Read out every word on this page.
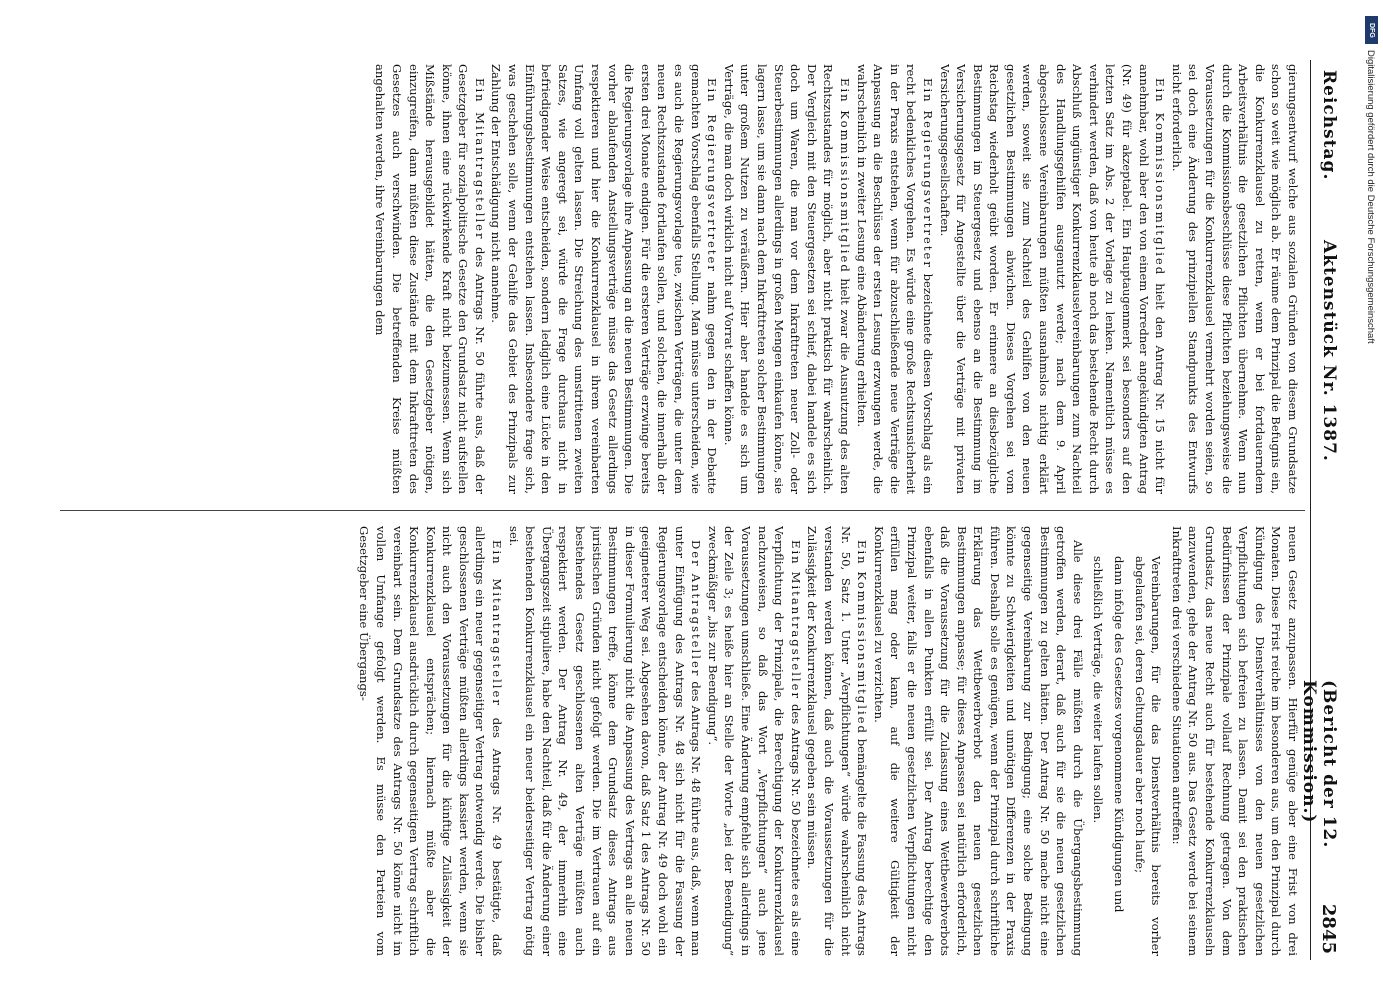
Reichstag.
Aktenstück Nr. 1387.
(Bericht der 12. Kommission.)
2845

gierungsentwurf welche aus sozialen Gründen von diesem Grundsatze schon so weit wie möglich ab. Er räume dem Prinzipal die Befugnis ein, die Konkurrenzklausel zu retten, wenn er bei fortdauerndem Arbeitsverhältnis die gesetzlichen Pflichten übernehme. Wenn nun durch die Kommissionsbeschlüsse diese Pflichten beziehungsweise die Voraussetzungen für die Konkurrenzklausel vermehrt worden seien, so sei doch eine Änderung des prinzipiellen Standpunkts des Entwurfs nicht erforderlich.

Ein Kommissionsmitglied hielt den Antrag Nr. 15 nicht für annehmbar, wohl aber den von einem Vorredner angekündigten Antrag (Nr. 49) für akzeptabel. Ein Hauptaugenmerk sei besonders auf den letzten Satz im Abs. 2 der Vorlage zu lenken. Namentlich müsse es verhindert werden, daß von heute ab noch das bestehende Recht durch Abschluß ungünstiger Konkurrenzklauselvereinbarungen zum Nachteil des Handlungsgehilfen ausgenutzt werde; nach dem 9. April abgeschlossene Vereinbarungen müßten ausnahmslos nichtig erklärt werden, soweit sie zum Nachteil des Gehilfen von den neuen gesetzlichen Bestimmungen abwichen. Dieses Vorgehen sei vom Reichstag wiederholt geübt worden. Er erinnere an diesbezügliche Bestimmungen im Steuergesetz und ebenso an die Bestimmung im Versicherungsgesetz für Angestellte über die Verträge mit privaten Versicherungsgesellschaften.

Ein Regierungsvertreter bezeichnete diesen Vorschlag als ein recht bedenkliches Vorgehen. Es würde eine große Rechtsunsicherheit in der Praxis entstehen, wenn für abzuschließende neue Verträge die Anpassung an die Beschlüsse der ersten Lesung erzwungen werde, die wahrscheinlich in zweiter Lesung eine Abänderung erhielten.

Ein Kommissionsmitglied hielt zwar die Ausnutzung des alten Rechtszustandes für möglich, aber nicht praktisch für wahrscheinlich. Der Vergleich mit den Steuergesetzen sei schief, dabei handele es sich doch um Waren, die man vor dem Inkrafttreten neuer Zoll- oder Steuerbestimmungen allerdings in großen Mengen einkaufen könne, sie lagern lasse, um sie dann nach dem Inkrafttreten solcher Bestimmungen unter großem Nutzen zu veräußern. Hier aber handele es sich um Verträge, die man doch wirklich nicht auf Vorrat schaffen könne.

Ein Regierungsvertreter nahm gegen den in der Debatte gemachten Vorschlag ebenfalls Stellung. Man müsse unterscheiden, wie es auch die Regierungsvorlage tue, zwischen Verträgen, die unter dem neuen Rechtszustande fortlaufen sollen, und solchen, die innerhalb der ersten drei Monate endigen. Für die ersteren Verträge erzwinge bereits die Regierungsvorlage ihre Anpassung an die neuen Bestimmungen. Die vorher ablaufenden Anstellungsverträge müsse das Gesetz allerdings respektieren und hier die Konkurrenzklausel in ihrem vereinbarten Umfang voll gelten lassen. Die Streichung des umstrittenen zweiten Satzes, wie angeregt sei, würde die Frage durchaus nicht in befriedigender Weise entscheiden, sondern lediglich eine Lücke in den Einführungsbestimmungen entstehen lassen. Insbesondere frage sich, was geschehen solle, wenn der Gehilfe das Gebiet des Prinzipals zur Zahlung der Entschädigung nicht annehme.

Ein Mitantragsteller des Antrags Nr. 50 führte aus, daß der Gesetzgeber für sozialpolitische Gesetze den Grundsatz nicht aufstellen könne, ihnen eine rückwirkende Kraft nicht beizumessen. Wenn sich Mißstände herausgebildet hätten, die den Gesetzgeber nötigen, einzugreifen, dann müßten diese Zustände mit dem Inkrafttreten des Gesetzes auch verschwinden. Die betreffenden Kreise müßten angehalten werden, ihre Vereinbarungen dem

neuen Gesetz anzupassen. Hierfür genüge aber eine Frist von drei Monaten. Diese Frist reiche im besonderen aus, um den Prinzipal durch Kündigung des Dienstverhältnisses von den neuen gesetzlichen Verpflichtungen sich befreien zu lassen. Damit sei den praktischen Bedürfnissen der Prinzipale vollauf Rechnung getragen. Von dem Grundsatz, das neue Recht auch für bestehende Konkurrenzklauseln anzuwenden, gehe der Antrag Nr. 50 aus. Das Gesetz werde bei seinem Inkrafttreten drei verschiedene Situationen antreffen:

Vereinbarungen, für die das Dienstverhältnis bereits vorher abgelaufen sei, deren Geltungsdauer aber noch laufe;

dann infolge des Gesetzes vorgenommene Kündigungen und

schließlich Verträge, die weiter laufen sollen.

Alle diese drei Fälle müßten durch die Übergangsbestimmung getroffen werden, derart, daß auch für sie die neuen gesetzlichen Bestimmungen zu gelten hätten. Der Antrag Nr. 50 mache nicht eine gegenseitige Vereinbarung zur Bedingung; eine solche Bedingung könnte zu Schwierigkeiten und unnötigen Differenzen in der Praxis führen. Deshalb solle es genügen, wenn der Prinzipal durch schriftliche Erklärung das Wettbewerbverbot den neuen gesetzlichen Bestimmungen anpasse; für dieses Anpassen sei natürlich erforderlich, daß die Voraussetzung für die Zulassung eines Wettbewerbverbots ebenfalls in allen Punkten erfüllt sei. Der Antrag berechtige den Prinzipal weiter, falls er die neuen gesetzlichen Verpflichtungen nicht erfüllen mag oder kann, auf die weitere Gültigkeit der Konkurrenzklausel zu verzichten.

Ein Kommissionsmitglied bemängelte die Fassung des Antrags Nr. 50, Satz 1. Unter „Verpflichtungen“ würde wahrscheinlich nicht verstanden werden können, daß auch die Voraussetzungen für die Zulässigkeit der Konkurrenzklausel gegeben sein müssen.

Ein Mitantragsteller des Antrags Nr. 50 bezeichnete es als eine Verpflichtung der Prinzipale, die Berechtigung der Konkurrenzklausel nachzuweisen, so daß das Wort „Verpflichtungen“ auch jene Voraussetzungen umschließe. Eine Änderung empfehle sich allerdings in der Zeile 3; es heiße hier an Stelle der Worte „bei der Beendigung“ zweckmäßiger „bis zur Beendigung“.

Der Antragsteller des Antrags Nr. 48 führte aus, daß, wenn man unter Einfügung des Antrags Nr. 48 sich nicht für die Fassung der Regierungsvorlage entscheiden könne, der Antrag Nr. 49 doch wohl ein geeigneterer Weg sei. Abgesehen davon, daß Satz 1 des Antrags Nr. 50 in dieser Formulierung nicht die Anpassung des Vertrags an alle neuen Bestimmungen treffe, könne dem Grundsatz dieses Antrags aus juristischen Gründen nicht gefolgt werden. Die im Vertrauen auf ein bestehendes Gesetz geschlossenen alten Verträge müßten auch respektiert werden. Der Antrag Nr. 49, der immerhin eine Übergangszeit stipuliere, habe den Nachteil, daß für die Änderung einer bestehenden Konkurrenzklausel ein neuer beiderseitiger Vertrag nötig sei.

Ein Mitantragsteller des Antrags Nr. 49 bestätigte, daß allerdings ein neuer gegenseitiger Vertrag notwendig werde. Die bisher geschlossenen Verträge müßten allerdings kassiert werden, wenn sie nicht auch den Voraussetzungen für die künftige Zulässigkeit der Konkurrenzklausel entsprächen; hiernach müßte aber die Konkurrenzklausel ausdrücklich durch gegenseitigen Vertrag schriftlich vereinbart sein. Dem Grundsatze des Antrags Nr. 50 könne nicht im vollen Umfange gefolgt werden. Es müsse den Parteien vom Gesetzgeber eine Übergangs-

DFG
Digitalisierung gefördert durch die Deutsche Forschungsgemeinschaft
